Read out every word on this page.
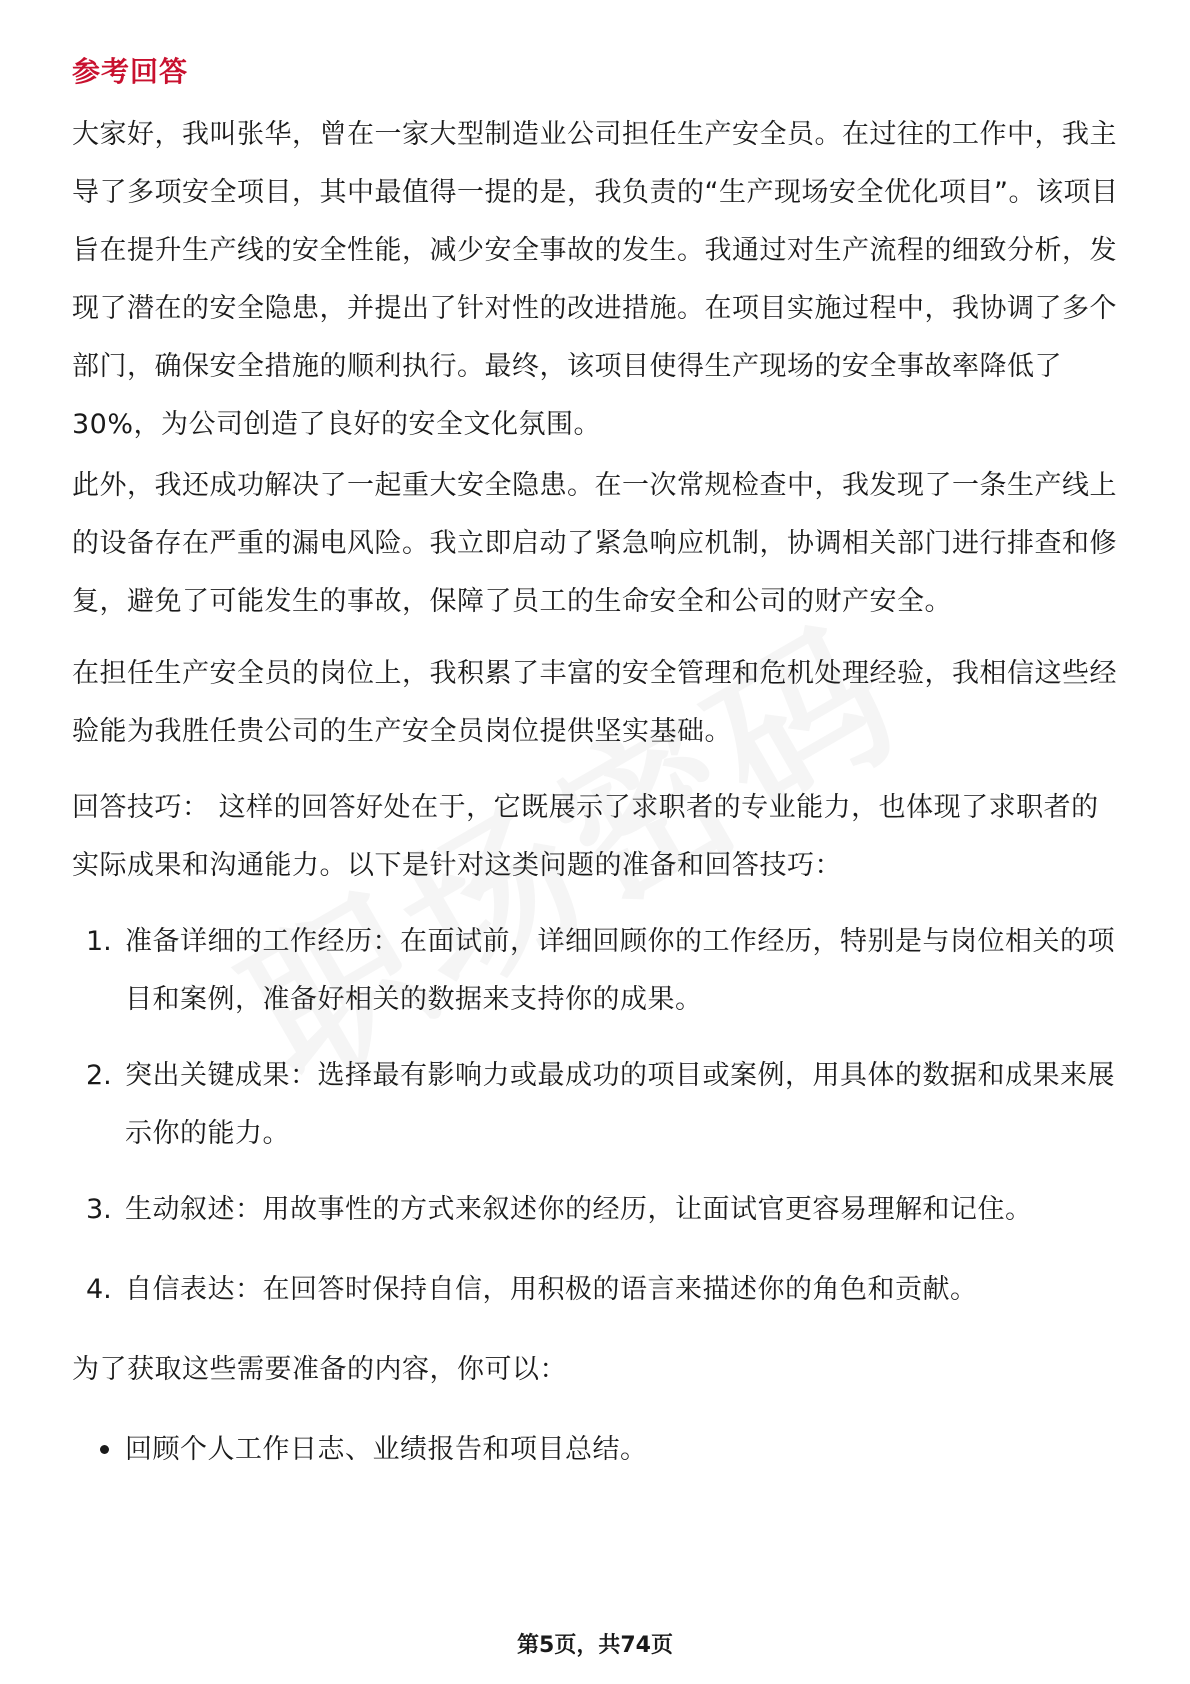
参考回答

大家好，我叫张华，曾在一家大型制造业公司担任生产安全员。在过往的工作中，我主导了多项安全项目，其中最值得一提的是，我负责的“生产现场安全优化项目”。该项目旨在提升生产线的安全性能，减少安全事故的发生。我通过对生产流程的细致分析，发现了潜在的安全隐患，并提出了针对性的改进措施。在项目实施过程中，我协调了多个部门，确保安全措施的顺利执行。最终，该项目使得生产现场的安全事故率降低了30%，为公司创造了良好的安全文化氛围。

此外，我还成功解决了一起重大安全隐患。在一次常规检查中，我发现了一条生产线上的设备存在严重的漏电风险。我立即启动了紧急响应机制，协调相关部门进行排查和修复，避免了可能发生的事故，保障了员工的生命安全和公司的财产安全。

在担任生产安全员的岗位上，我积累了丰富的安全管理和危机处理经验，我相信这些经验能为我胜任贵公司的生产安全员岗位提供坚实基础。

回答技巧： 这样的回答好处在于，它既展示了求职者的专业能力，也体现了求职者的实际成果和沟通能力。以下是针对这类问题的准备和回答技巧：

1. 准备详细的工作经历：在面试前，详细回顾你的工作经历，特别是与岗位相关的项目和案例，准备好相关的数据来支持你的成果。
2. 突出关键成果：选择最有影响力或最成功的项目或案例，用具体的数据和成果来展示你的能力。
3. 生动叙述：用故事性的方式来叙述你的经历，让面试官更容易理解和记住。
4. 自信表达：在回答时保持自信，用积极的语言来描述你的角色和贡献。

为了获取这些需要准备的内容，你可以：

回顾个人工作日志、业绩报告和项目总结。
第5页，共74页
